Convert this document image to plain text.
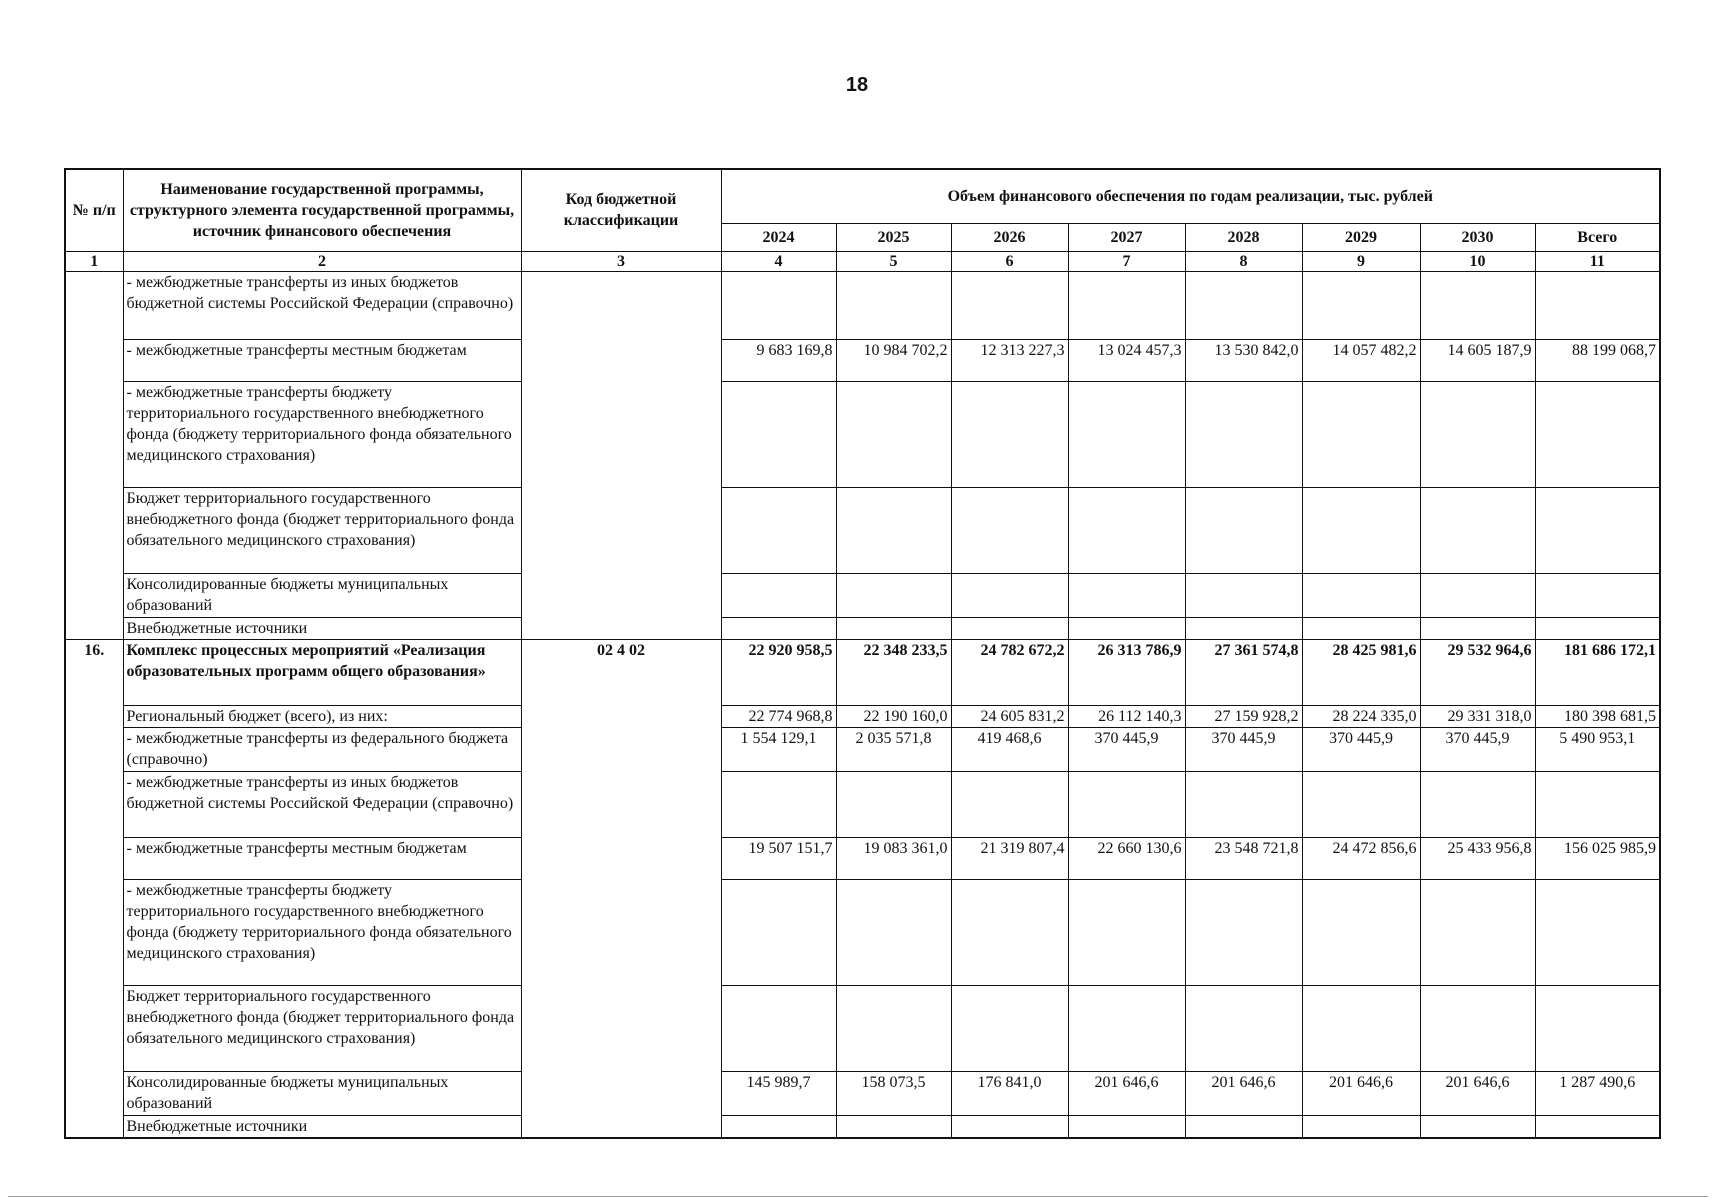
18
№ п/п	Наименование государственной программы, структурного элемента государственной программы, источник финансового обеспечения	Код бюджетной классификации	Объем финансового обеспечения по годам реализации, тыс. рублей							
			2024	2025	2026	2027	2028	2029	2030	Всего
1	2	3	4	5	6	7	8	9	10	11
	- межбюджетные трансферты из иных бюджетов бюджетной системы Российской Федерации (справочно)									
	- межбюджетные трансферты местным бюджетам		9 683 169,8	10 984 702,2	12 313 227,3	13 024 457,3	13 530 842,0	14 057 482,2	14 605 187,9	88 199 068,7
	- межбюджетные трансферты бюджету территориального государственного внебюджетного фонда (бюджету территориального фонда обязательного медицинского страхования)									
	Бюджет территориального государственного внебюджетного фонда (бюджет территориального фонда обязательного медицинского страхования)									
	Консолидированные бюджеты муниципальных образований									
	Внебюджетные источники									
16.	Комплекс процессных мероприятий «Реализация образовательных программ общего образования»	02 4 02	22 920 958,5	22 348 233,5	24 782 672,2	26 313 786,9	27 361 574,8	28 425 981,6	29 532 964,6	181 686 172,1
	Региональный бюджет (всего), из них:		22 774 968,8	22 190 160,0	24 605 831,2	26 112 140,3	27 159 928,2	28 224 335,0	29 331 318,0	180 398 681,5
	- межбюджетные трансферты из федерального бюджета (справочно)		1 554 129,1	2 035 571,8	419 468,6	370 445,9	370 445,9	370 445,9	370 445,9	5 490 953,1
	- межбюджетные трансферты из иных бюджетов бюджетной системы Российской Федерации (справочно)									
	- межбюджетные трансферты местным бюджетам		19 507 151,7	19 083 361,0	21 319 807,4	22 660 130,6	23 548 721,8	24 472 856,6	25 433 956,8	156 025 985,9
	- межбюджетные трансферты бюджету территориального государственного внебюджетного фонда (бюджету территориального фонда обязательного медицинского страхования)									
	Бюджет территориального государственного внебюджетного фонда (бюджет территориального фонда обязательного медицинского страхования)									
	Консолидированные бюджеты муниципальных образований		145 989,7	158 073,5	176 841,0	201 646,6	201 646,6	201 646,6	201 646,6	1 287 490,6
	Внебюджетные источники									
